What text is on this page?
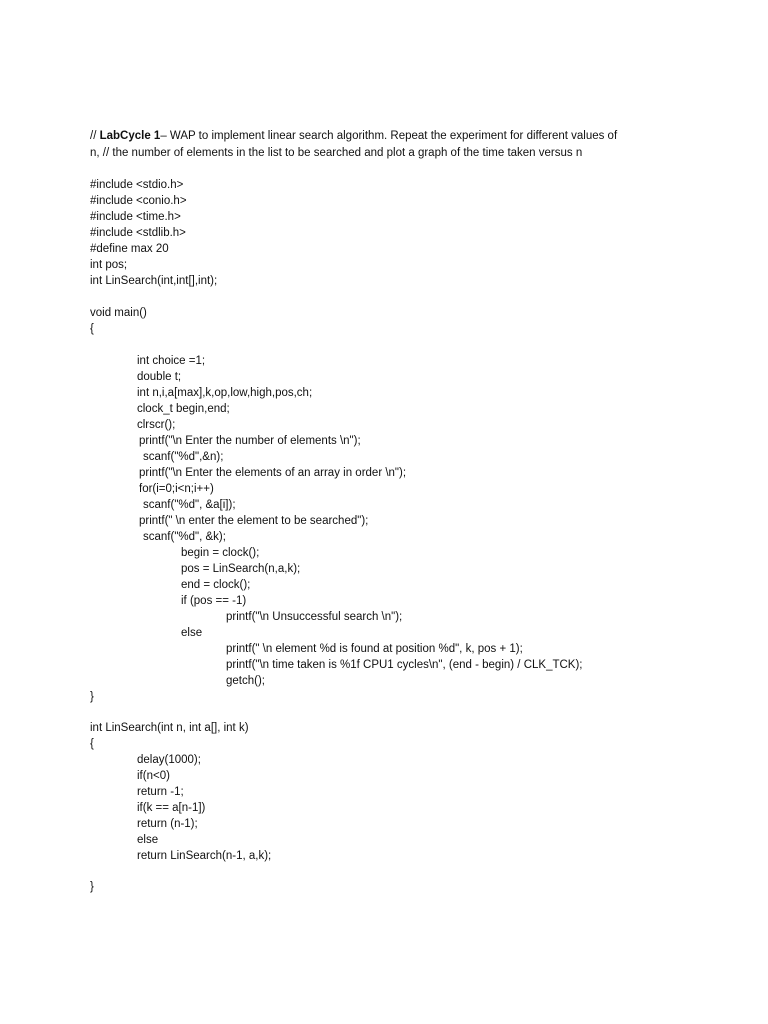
// LabCycle 1– WAP to implement linear search algorithm. Repeat the experiment for different values of
n, // the number of elements in the list to be searched and plot a graph of the time taken versus n
#include <stdio.h>
#include <conio.h>
#include <time.h>
#include <stdlib.h>
#define max 20
int pos;
int LinSearch(int,int[],int);
void main()
{
int choice =1;
double t;
int n,i,a[max],k,op,low,high,pos,ch;
clock_t begin,end;
clrscr();
printf("\n Enter the number of elements \n");
scanf("%d",&n);
printf("\n Enter the elements of an array in order \n");
for(i=0;i<n;i++)
scanf("%d", &a[i]);
printf(" \n enter the element to be searched");
scanf("%d", &k);
begin = clock();
pos = LinSearch(n,a,k);
end = clock();
if (pos == -1)
printf("\n Unsuccessful search \n");
else
printf(" \n element %d is found at position %d", k, pos + 1);
printf("\n time taken is %1f CPU1 cycles\n", (end - begin) / CLK_TCK);
getch();
}
int LinSearch(int n, int a[], int k)
{
delay(1000);
if(n<0)
return -1;
if(k == a[n-1])
return (n-1);
else
return LinSearch(n-1, a,k);
}
